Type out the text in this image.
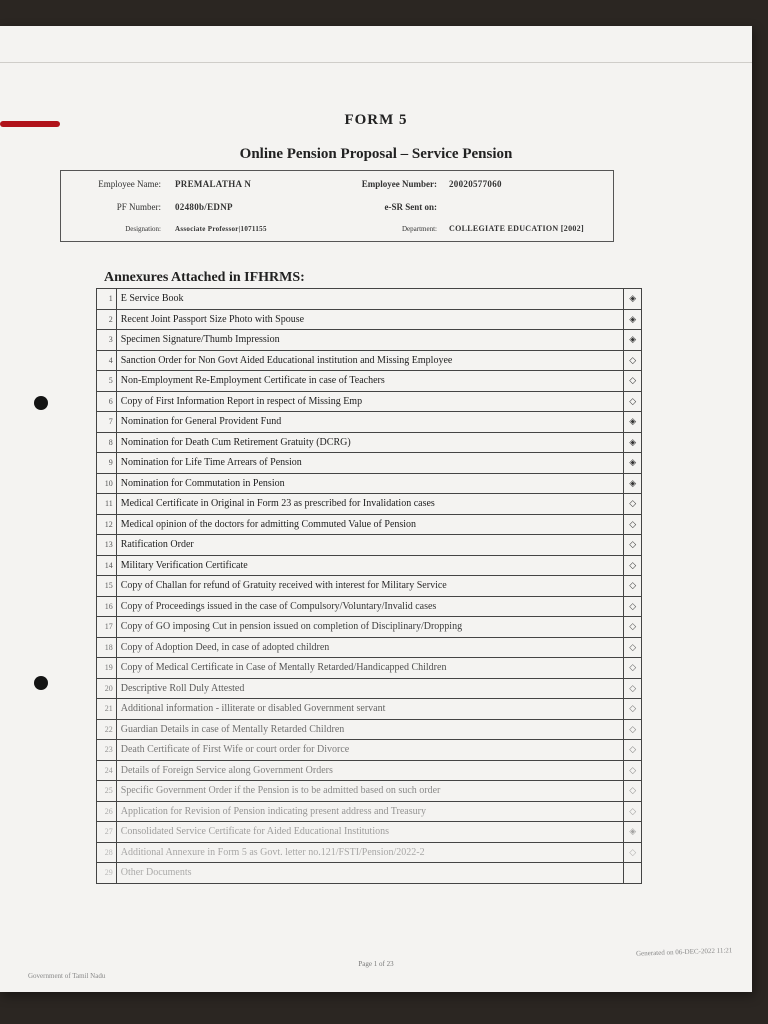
FORM 5
Online Pension Proposal – Service Pension
Employee Name: PREMALATHA N	Employee Number: 20020577060
PF Number: 02480b/EDNP	e-SR Sent on:
Designation: Associate Professor|1071155	Department: COLLEGIATE EDUCATION [2002]
Annexures Attached in IFHRMS:
1	E Service Book	◈
2	Recent Joint Passport Size Photo with Spouse	◈
3	Specimen Signature/Thumb Impression	◈
4	Sanction Order for Non Govt Aided Educational institution and Missing Employee	◇
5	Non-Employment Re-Employment Certificate in case of Teachers	◇
6	Copy of First Information Report in respect of Missing Emp	◇
7	Nomination for General Provident Fund	◈
8	Nomination for Death Cum Retirement Gratuity (DCRG)	◈
9	Nomination for Life Time Arrears of Pension	◈
10	Nomination for Commutation in Pension	◈
11	Medical Certificate in Original in Form 23 as prescribed for Invalidation cases	◇
12	Medical opinion of the doctors for admitting Commuted Value of Pension	◇
13	Ratification Order	◇
14	Military Verification Certificate	◇
15	Copy of Challan for refund of Gratuity received with interest for Military Service	◇
16	Copy of Proceedings issued in the case of Compulsory/Voluntary/Invalid cases	◇
17	Copy of GO imposing Cut in pension issued on completion of Disciplinary/Dropping	◇
18	Copy of Adoption Deed, in case of adopted children	◇
19	Copy of Medical Certificate in Case of Mentally Retarded/Handicapped Children	◇
20	Descriptive Roll Duly Attested	◇
21	Additional information - illiterate or disabled Government servant	◇
22	Guardian Details in case of Mentally Retarded Children	◇
23	Death Certificate of First Wife or court order for Divorce	◇
24	Details of Foreign Service along Government Orders	◇
25	Specific Government Order if the Pension is to be admitted based on such order	◇
26	Application for Revision of Pension indicating present address and Treasury	◇
27	Consolidated Service Certificate for Aided Educational Institutions	◈
28	Additional Annexure in Form 5 as Govt. letter no.121/FSTI/Pension/2022-2	◇
29	Other Documents	
Generated on 06-DEC-2022 11:21
Page 1 of 23
Government of Tamil Nadu
